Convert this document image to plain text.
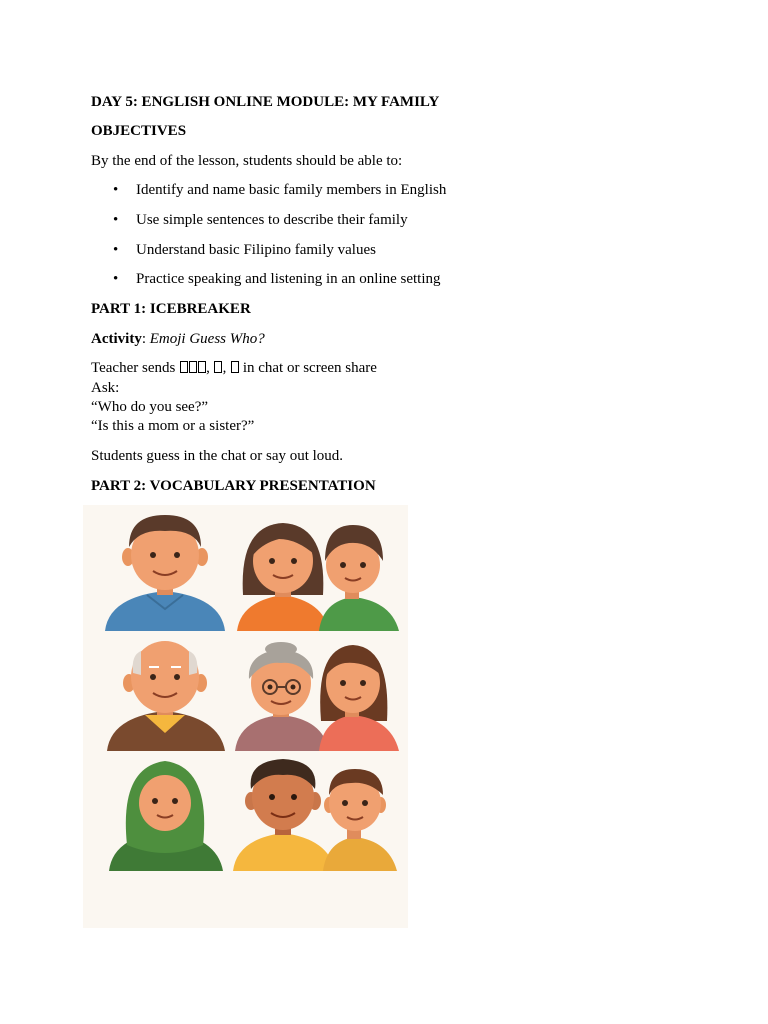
DAY 5: ENGLISH ONLINE MODULE: MY FAMILY
OBJECTIVES
By the end of the lesson, students should be able to:
• Identify and name basic family members in English
• Use simple sentences to describe their family
• Understand basic Filipino family values
• Practice speaking and listening in an online setting
PART 1: ICEBREAKER
Activity: Emoji Guess Who?
Teacher sends , ,  in chat or screen share
Ask:
“Who do you see?”
“Is this a mom or a sister?”
Students guess in the chat or say out loud.
PART 2: VOCABULARY PRESENTATION
